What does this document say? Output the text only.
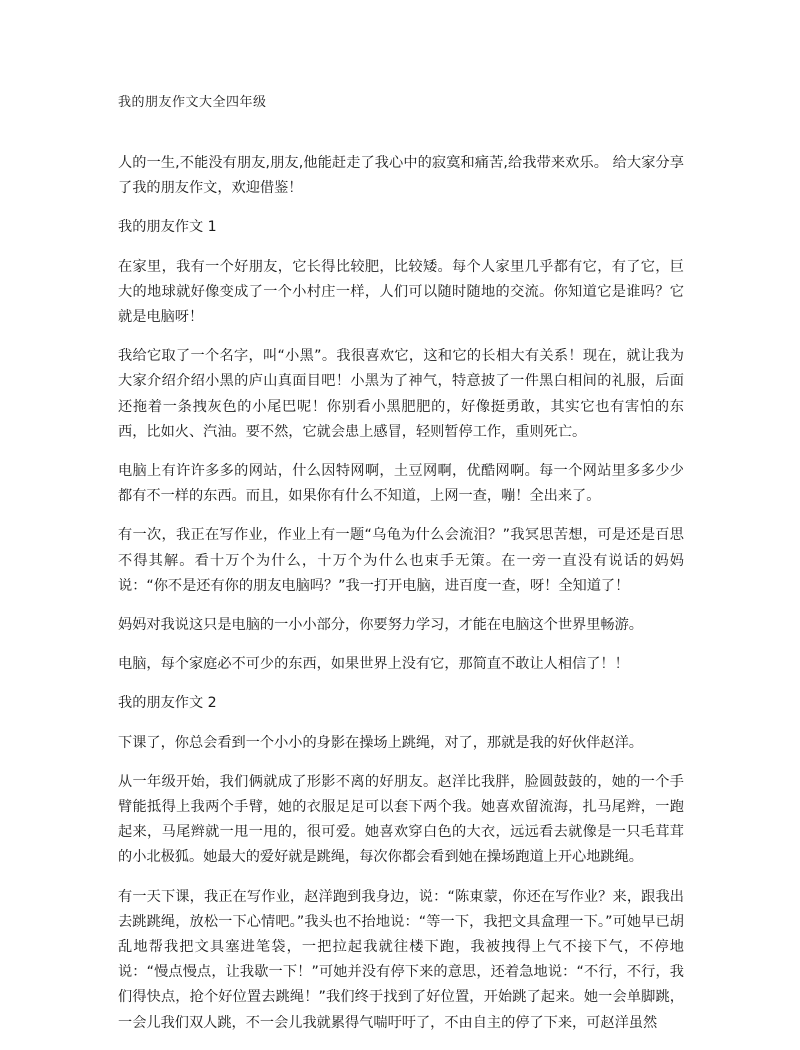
我的朋友作文大全四年级

人的一生,不能没有朋友,朋友,他能赶走了我心中的寂寞和痛苦,给我带来欢乐。 给大家分享了我的朋友作文，欢迎借鉴！

我的朋友作文 1

在家里，我有一个好朋友，它长得比较肥，比较矮。每个人家里几乎都有它，有了它，巨大的地球就好像变成了一个小村庄一样，人们可以随时随地的交流。你知道它是谁吗？它就是电脑呀！

我给它取了一个名字，叫“小黑”。我很喜欢它，这和它的长相大有关系！现在，就让我为大家介绍介绍小黑的庐山真面目吧！小黑为了神气，特意披了一件黑白相间的礼服，后面还拖着一条拽灰色的小尾巴呢！你别看小黑肥肥的，好像挺勇敢，其实它也有害怕的东西，比如火、汽油。要不然，它就会患上感冒，轻则暂停工作，重则死亡。

电脑上有许许多多的网站，什么因特网啊，土豆网啊，优酷网啊。每一个网站里多多少少都有不一样的东西。而且，如果你有什么不知道，上网一查，嘣！全出来了。

有一次，我正在写作业，作业上有一题“乌龟为什么会流泪？”我冥思苦想，可是还是百思不得其解。看十万个为什么，十万个为什么也束手无策。在一旁一直没有说话的妈妈说：“你不是还有你的朋友电脑吗？”我一打开电脑，进百度一查，呀！全知道了！

妈妈对我说这只是电脑的一小小部分，你要努力学习，才能在电脑这个世界里畅游。

电脑，每个家庭必不可少的东西，如果世界上没有它，那简直不敢让人相信了！！

我的朋友作文 2

下课了，你总会看到一个小小的身影在操场上跳绳，对了，那就是我的好伙伴赵洋。

从一年级开始，我们俩就成了形影不离的好朋友。赵洋比我胖，脸圆鼓鼓的，她的一个手臂能抵得上我两个手臂，她的衣服足足可以套下两个我。她喜欢留流海，扎马尾辫，一跑起来，马尾辫就一甩一甩的，很可爱。她喜欢穿白色的大衣，远远看去就像是一只毛茸茸的小北极狐。她最大的爱好就是跳绳，每次你都会看到她在操场跑道上开心地跳绳。

有一天下课，我正在写作业，赵洋跑到我身边，说：“陈東蒙，你还在写作业？来，跟我出去跳跳绳，放松一下心情吧。”我头也不抬地说：“等一下，我把文具盒理一下。”可她早已胡乱地帮我把文具塞进笔袋，一把拉起我就往楼下跑，我被拽得上气不接下气，不停地说：“慢点慢点，让我歇一下！”可她并没有停下来的意思，还着急地说：“不行，不行，我们得快点，抢个好位置去跳绳！”我们终于找到了好位置，开始跳了起来。她一会单脚跳，一会儿我们双人跳，不一会儿我就累得气喘吁吁了，不由自主的停了下来，可赵洋虽然
